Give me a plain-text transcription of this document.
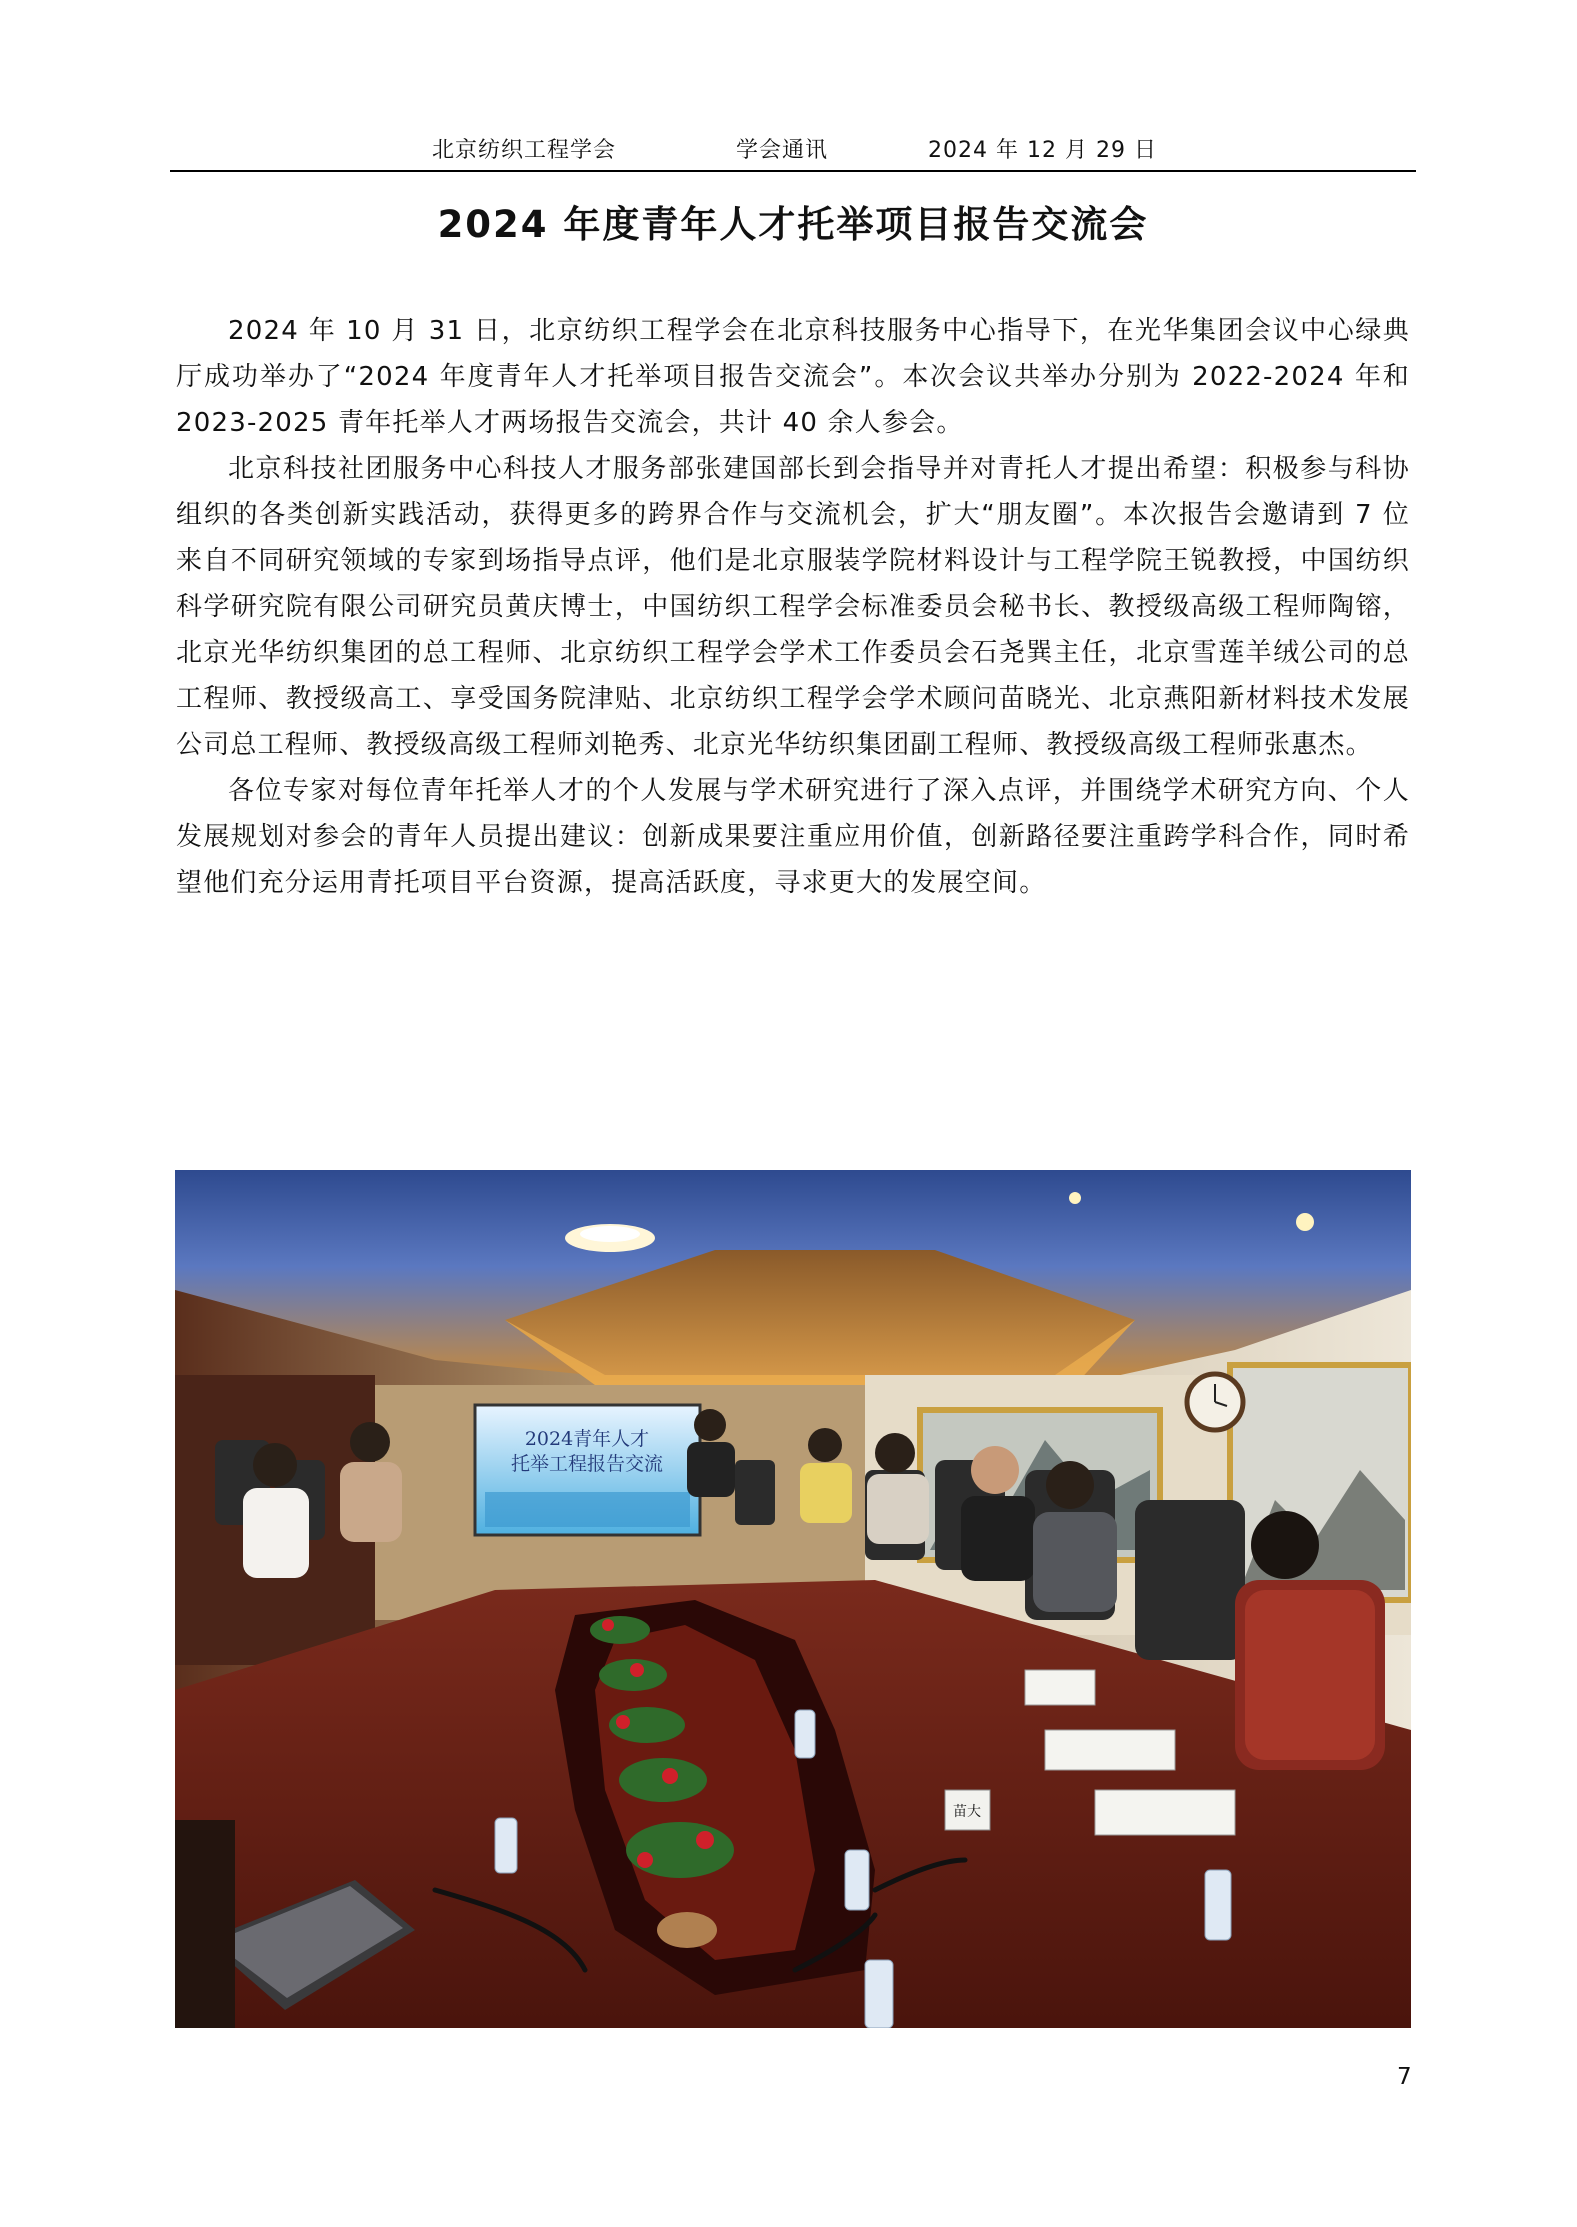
北京纺织工程学会	学会通讯	2024 年 12 月 29 日
2024 年度青年人才托举项目报告交流会

2024 年 10 月 31 日，北京纺织工程学会在北京科技服务中心指导下，在光华集团会议中心绿典厅成功举办了“2024 年度青年人才托举项目报告交流会”。本次会议共举办分别为 2022-2024 年和 2023-2025 青年托举人才两场报告交流会，共计 40 余人参会。

北京科技社团服务中心科技人才服务部张建国部长到会指导并对青托人才提出希望：积极参与科协组织的各类创新实践活动，获得更多的跨界合作与交流机会，扩大“朋友圈”。本次报告会邀请到 7 位来自不同研究领域的专家到场指导点评，他们是北京服装学院材料设计与工程学院王锐教授，中国纺织科学研究院有限公司研究员黄庆博士，中国纺织工程学会标准委员会秘书长、教授级高级工程师陶镕，北京光华纺织集团的总工程师、北京纺织工程学会学术工作委员会石尧巽主任，北京雪莲羊绒公司的总工程师、教授级高工、享受国务院津贴、北京纺织工程学会学术顾问苗晓光、北京燕阳新材料技术发展公司总工程师、教授级高级工程师刘艳秀、北京光华纺织集团副工程师、教授级高级工程师张惠杰。

各位专家对每位青年托举人才的个人发展与学术研究进行了深入点评，并围绕学术研究方向、个人发展规划对参会的青年人员提出建议：创新成果要注重应用价值，创新路径要注重跨学科合作，同时希望他们充分运用青托项目平台资源，提高活跃度，寻求更大的发展空间。

2024青年人才
托举工程报告交流
苗大
7
